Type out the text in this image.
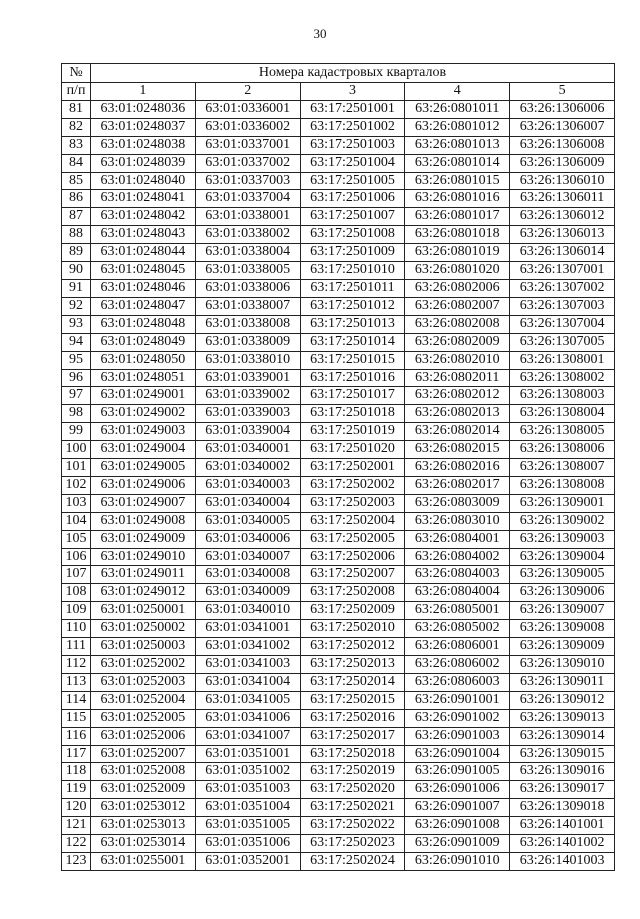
30
№	Номера кадастровых кварталов				
п/п	1	2	3	4	5
81	63:01:0248036	63:01:0336001	63:17:2501001	63:26:0801011	63:26:1306006
82	63:01:0248037	63:01:0336002	63:17:2501002	63:26:0801012	63:26:1306007
83	63:01:0248038	63:01:0337001	63:17:2501003	63:26:0801013	63:26:1306008
84	63:01:0248039	63:01:0337002	63:17:2501004	63:26:0801014	63:26:1306009
85	63:01:0248040	63:01:0337003	63:17:2501005	63:26:0801015	63:26:1306010
86	63:01:0248041	63:01:0337004	63:17:2501006	63:26:0801016	63:26:1306011
87	63:01:0248042	63:01:0338001	63:17:2501007	63:26:0801017	63:26:1306012
88	63:01:0248043	63:01:0338002	63:17:2501008	63:26:0801018	63:26:1306013
89	63:01:0248044	63:01:0338004	63:17:2501009	63:26:0801019	63:26:1306014
90	63:01:0248045	63:01:0338005	63:17:2501010	63:26:0801020	63:26:1307001
91	63:01:0248046	63:01:0338006	63:17:2501011	63:26:0802006	63:26:1307002
92	63:01:0248047	63:01:0338007	63:17:2501012	63:26:0802007	63:26:1307003
93	63:01:0248048	63:01:0338008	63:17:2501013	63:26:0802008	63:26:1307004
94	63:01:0248049	63:01:0338009	63:17:2501014	63:26:0802009	63:26:1307005
95	63:01:0248050	63:01:0338010	63:17:2501015	63:26:0802010	63:26:1308001
96	63:01:0248051	63:01:0339001	63:17:2501016	63:26:0802011	63:26:1308002
97	63:01:0249001	63:01:0339002	63:17:2501017	63:26:0802012	63:26:1308003
98	63:01:0249002	63:01:0339003	63:17:2501018	63:26:0802013	63:26:1308004
99	63:01:0249003	63:01:0339004	63:17:2501019	63:26:0802014	63:26:1308005
100	63:01:0249004	63:01:0340001	63:17:2501020	63:26:0802015	63:26:1308006
101	63:01:0249005	63:01:0340002	63:17:2502001	63:26:0802016	63:26:1308007
102	63:01:0249006	63:01:0340003	63:17:2502002	63:26:0802017	63:26:1308008
103	63:01:0249007	63:01:0340004	63:17:2502003	63:26:0803009	63:26:1309001
104	63:01:0249008	63:01:0340005	63:17:2502004	63:26:0803010	63:26:1309002
105	63:01:0249009	63:01:0340006	63:17:2502005	63:26:0804001	63:26:1309003
106	63:01:0249010	63:01:0340007	63:17:2502006	63:26:0804002	63:26:1309004
107	63:01:0249011	63:01:0340008	63:17:2502007	63:26:0804003	63:26:1309005
108	63:01:0249012	63:01:0340009	63:17:2502008	63:26:0804004	63:26:1309006
109	63:01:0250001	63:01:0340010	63:17:2502009	63:26:0805001	63:26:1309007
110	63:01:0250002	63:01:0341001	63:17:2502010	63:26:0805002	63:26:1309008
111	63:01:0250003	63:01:0341002	63:17:2502012	63:26:0806001	63:26:1309009
112	63:01:0252002	63:01:0341003	63:17:2502013	63:26:0806002	63:26:1309010
113	63:01:0252003	63:01:0341004	63:17:2502014	63:26:0806003	63:26:1309011
114	63:01:0252004	63:01:0341005	63:17:2502015	63:26:0901001	63:26:1309012
115	63:01:0252005	63:01:0341006	63:17:2502016	63:26:0901002	63:26:1309013
116	63:01:0252006	63:01:0341007	63:17:2502017	63:26:0901003	63:26:1309014
117	63:01:0252007	63:01:0351001	63:17:2502018	63:26:0901004	63:26:1309015
118	63:01:0252008	63:01:0351002	63:17:2502019	63:26:0901005	63:26:1309016
119	63:01:0252009	63:01:0351003	63:17:2502020	63:26:0901006	63:26:1309017
120	63:01:0253012	63:01:0351004	63:17:2502021	63:26:0901007	63:26:1309018
121	63:01:0253013	63:01:0351005	63:17:2502022	63:26:0901008	63:26:1401001
122	63:01:0253014	63:01:0351006	63:17:2502023	63:26:0901009	63:26:1401002
123	63:01:0255001	63:01:0352001	63:17:2502024	63:26:0901010	63:26:1401003
